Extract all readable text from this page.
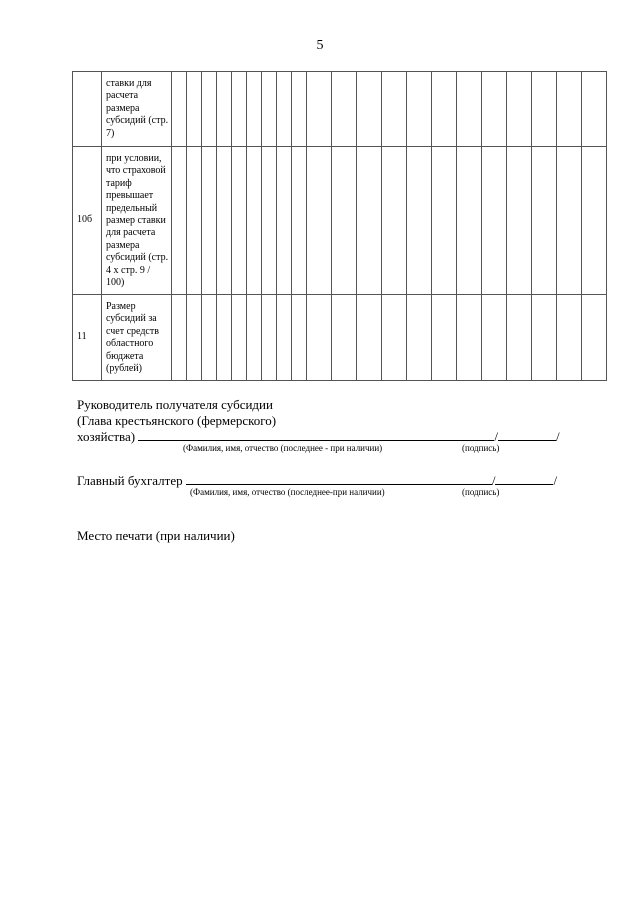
5
	ставки для расчета размера субсидий (стр. 7)																					
10б	при условии, что страховой тариф превышает предельный размер ставки для расчета размера субсидий (стр. 4 x стр. 9 / 100)																					
11	Размер субсидий за счет средств областного бюджета (рублей)																					
Руководитель получателя субсидии
(Глава крестьянского (фермерского)
хозяйства)	/	/
(Фамилия, имя, отчество (последнее - при наличии)	(подпись)
Главный бухгалтер	/	/
(Фамилия, имя, отчество (последнее-при наличии)	(подпись)
Место печати (при наличии)
